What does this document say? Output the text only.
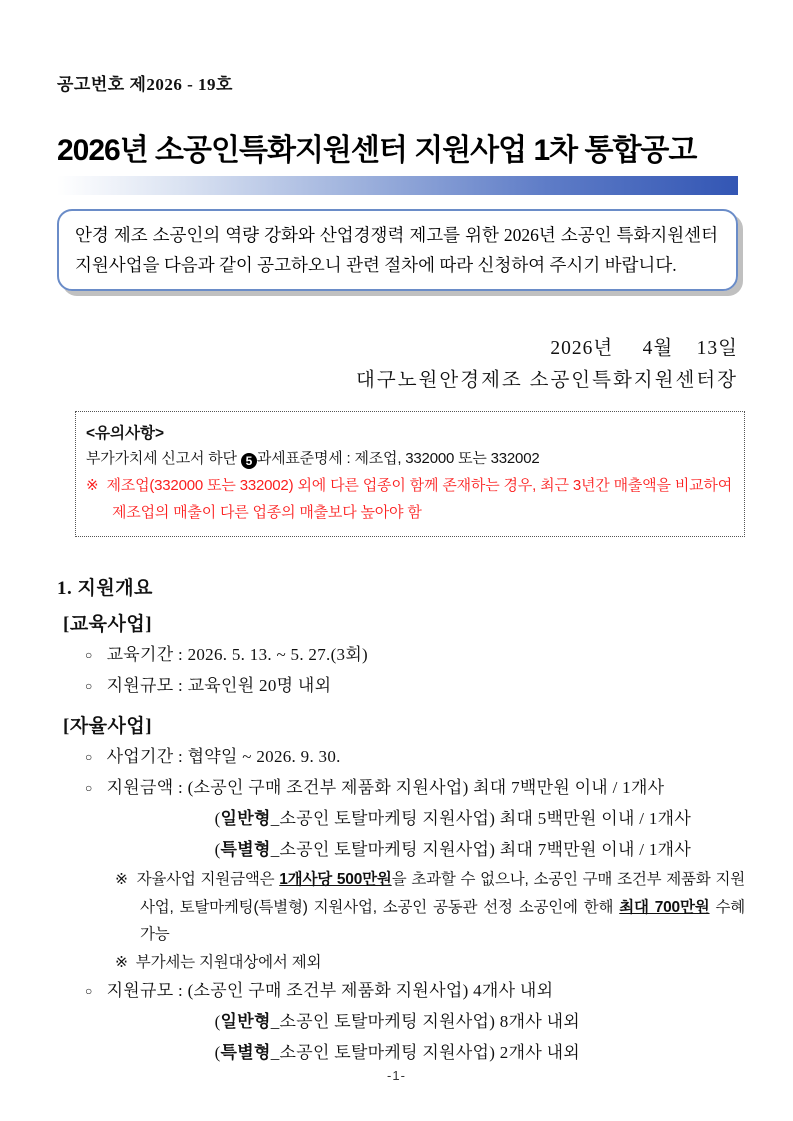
공고번호 제2026 - 19호
2026년 소공인특화지원센터 지원사업 1차 통합공고
안경 제조 소공인의 역량 강화와 산업경쟁력 제고를 위한 2026년 소공인 특화지원센터 지원사업을 다음과 같이 공고하오니 관련 절차에 따라 신청하여 주시기 바랍니다.
2026년     4월    13일
대구노원안경제조 소공인특화지원센터장
<유의사항>
부가가치세 신고서 하단 5 과세표준명세 : 제조업, 332000 또는 332002
※ 제조업(332000 또는 332002) 외에 다른 업종이 함께 존재하는 경우, 최근 3년간 매출액을 비교하여 제조업의 매출이 다른 업종의 매출보다 높아야 함
1. 지원개요
[교육사업]
○ 교육기간 : 2026. 5. 13. ~ 5. 27.(3회)
○ 지원규모 : 교육인원 20명 내외
[자율사업]
○ 사업기간 : 협약일 ~ 2026. 9. 30.
○ 지원금액 : (소공인 구매 조건부 제품화 지원사업) 최대 7백만원 이내 / 1개사
(일반형_소공인 토탈마케팅 지원사업) 최대 5백만원 이내 / 1개사
(특별형_소공인 토탈마케팅 지원사업) 최대 7백만원 이내 / 1개사
※ 자율사업 지원금액은 1개사당 500만원을 초과할 수 없으나, 소공인 구매 조건부 제품화 지원사업, 토탈마케팅(특별형) 지원사업, 소공인 공동관 선정 소공인에 한해 최대 700만원 수혜 가능
※ 부가세는 지원대상에서 제외
○ 지원규모 : (소공인 구매 조건부 제품화 지원사업) 4개사 내외
(일반형_소공인 토탈마케팅 지원사업) 8개사 내외
(특별형_소공인 토탈마케팅 지원사업) 2개사 내외
-1-
